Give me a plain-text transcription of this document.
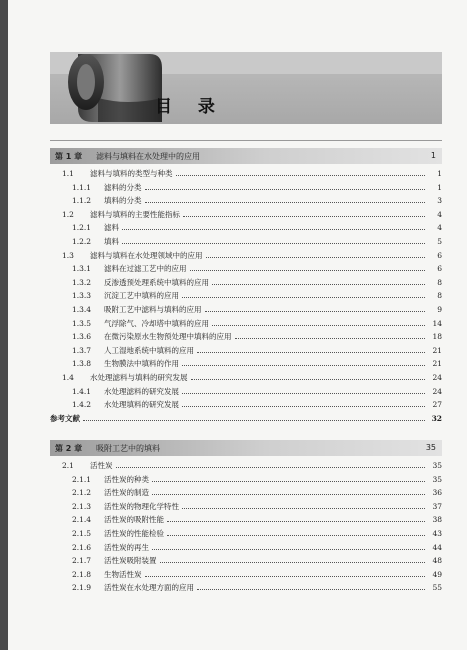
目 录
第 1 章 滤料与填料在水处理中的应用	1
1.1	滤料与填料的类型与种类	1
1.1.1	滤料的分类	1
1.1.2	填料的分类	3
1.2	滤料与填料的主要性能指标	4
1.2.1	滤料	4
1.2.2	填料	5
1.3	滤料与填料在水处理领域中的应用	6
1.3.1	滤料在过滤工艺中的应用	6
1.3.2	反渗透预处理系统中填料的应用	8
1.3.3	沉淀工艺中填料的应用	8
1.3.4	吸附工艺中滤料与填料的应用	9
1.3.5	气浮除气、冷却塔中填料的应用	14
1.3.6	在微污染原水生物预处理中填料的应用	18
1.3.7	人工湿地系统中填料的应用	21
1.3.8	生物膜法中填料的作用	21
1.4	水处理滤料与填料的研究发展	24
1.4.1	水处理滤料的研究发展	24
1.4.2	水处理填料的研究发展	27
参考文献	32
第 2 章 吸附工艺中的填料	35
2.1	活性炭	35
2.1.1	活性炭的种类	35
2.1.2	活性炭的制造	36
2.1.3	活性炭的物理化学特性	37
2.1.4	活性炭的吸附性能	38
2.1.5	活性炭的性能检验	43
2.1.6	活性炭的再生	44
2.1.7	活性炭吸附装置	48
2.1.8	生物活性炭	49
2.1.9	活性炭在水处理方面的应用	55
